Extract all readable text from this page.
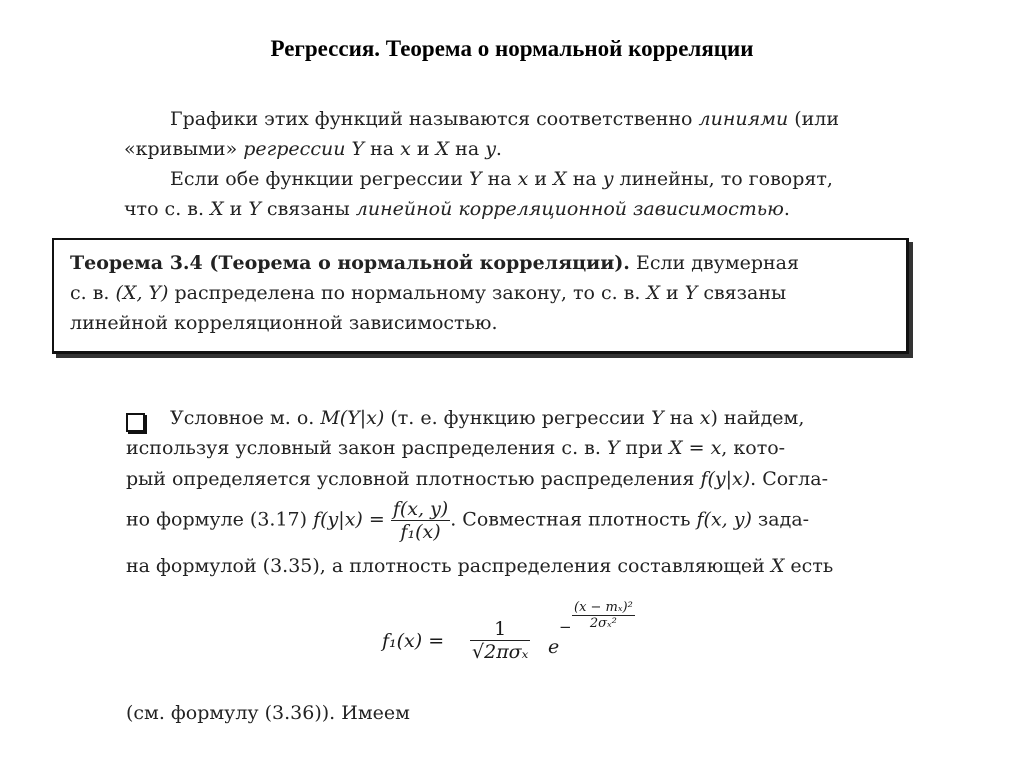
Регрессия. Теорема о нормальной корреляции
Графики этих функций называются соответственно линиями (или
«кривыми» регрессии Y на x и X на y.
Если обе функции регрессии Y на x и X на y линейны, то говорят,
что с. в. X и Y связаны линейной корреляционной зависимостью.
Теорема 3.4 (Теорема о нормальной корреляции). Если двумерная
с. в. (X, Y) распределена по нормальному закону, то с. в. X и Y связаны
линейной корреляционной зависимостью.
Условное м. о. M(Y|x) (т. е. функцию регрессии Y на x) найдем,
используя условный закон распределения с. в. Y при X = x, кото-
рый определяется условной плотностью распределения f(y|x). Согла-
но формуле (3.17) $f(y|x) = \frac{f(x, y)}{\text{f₁(x)}}$ . Совместная плотность f(x, y) зада-
на формулой (3.35), а плотность распределения составляющей X есть
f₁(x) =
1
√2πσₓ e
− $\frac{\text{(x − mₓ)²}}{\text{2σₓ²}}$
(см. формулу (3.36)). Имеем
